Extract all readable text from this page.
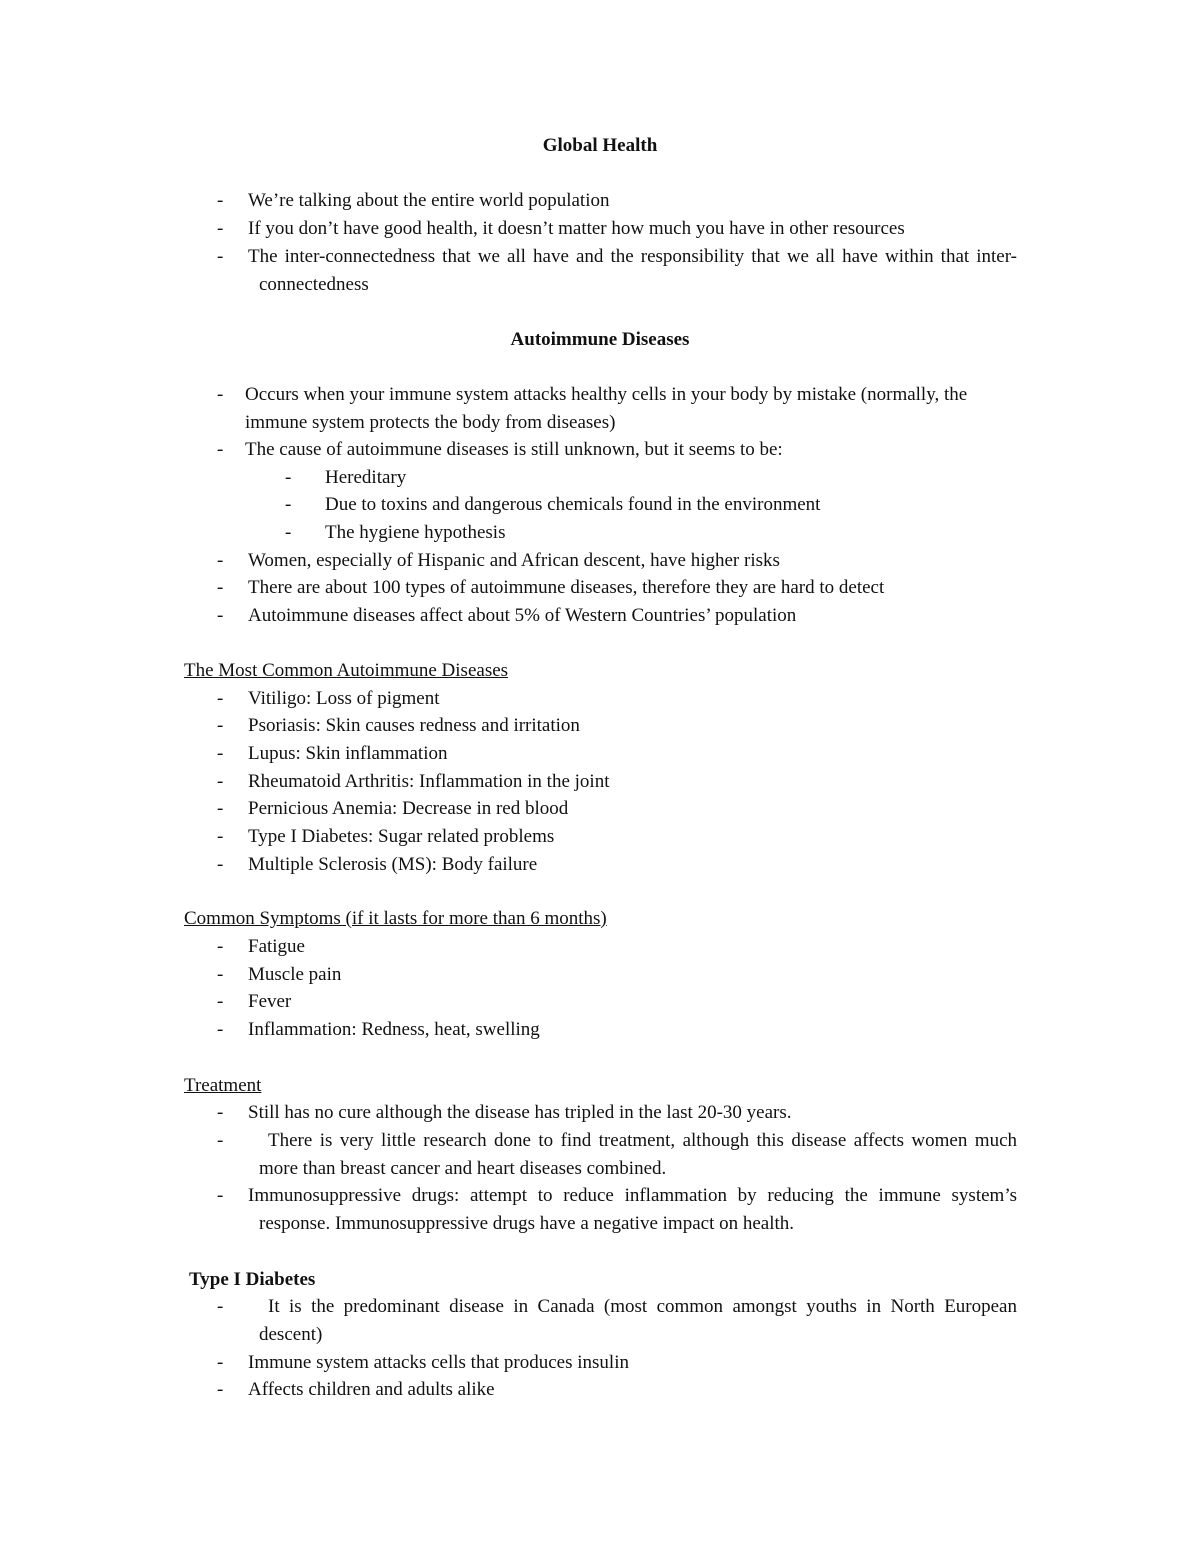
Global Health
- We’re talking about the entire world population
- If you don’t have good health, it doesn’t matter how much you have in other resources
- The inter-connectedness that we all have and the responsibility that we all have within that inter-connectedness
Autoimmune Diseases
- Occurs when your immune system attacks healthy cells in your body by mistake (normally, the immune system protects the body from diseases)
- The cause of autoimmune diseases is still unknown, but it seems to be:
- Hereditary
- Due to toxins and dangerous chemicals found in the environment
- The hygiene hypothesis
- Women, especially of Hispanic and African descent, have higher risks
- There are about 100 types of autoimmune diseases, therefore they are hard to detect
- Autoimmune diseases affect about 5% of Western Countries’ population
The Most Common Autoimmune Diseases
- Vitiligo: Loss of pigment
- Psoriasis: Skin causes redness and irritation
- Lupus: Skin inflammation
- Rheumatoid Arthritis: Inflammation in the joint
- Pernicious Anemia: Decrease in red blood
- Type I Diabetes: Sugar related problems
- Multiple Sclerosis (MS): Body failure
Common Symptoms (if it lasts for more than 6 months)
- Fatigue
- Muscle pain
- Fever
- Inflammation: Redness, heat, swelling
Treatment
- Still has no cure although the disease has tripled in the last 20-30 years.
-	There is very little research done to find treatment, although this disease affects women much more than breast cancer and heart diseases combined.
- Immunosuppressive drugs: attempt to reduce inflammation by reducing the immune system’s response. Immunosuppressive drugs have a negative impact on health.
Type I Diabetes
-	It is the predominant disease in Canada (most common amongst youths in North European descent)
- Immune system attacks cells that produces insulin
- Affects children and adults alike
